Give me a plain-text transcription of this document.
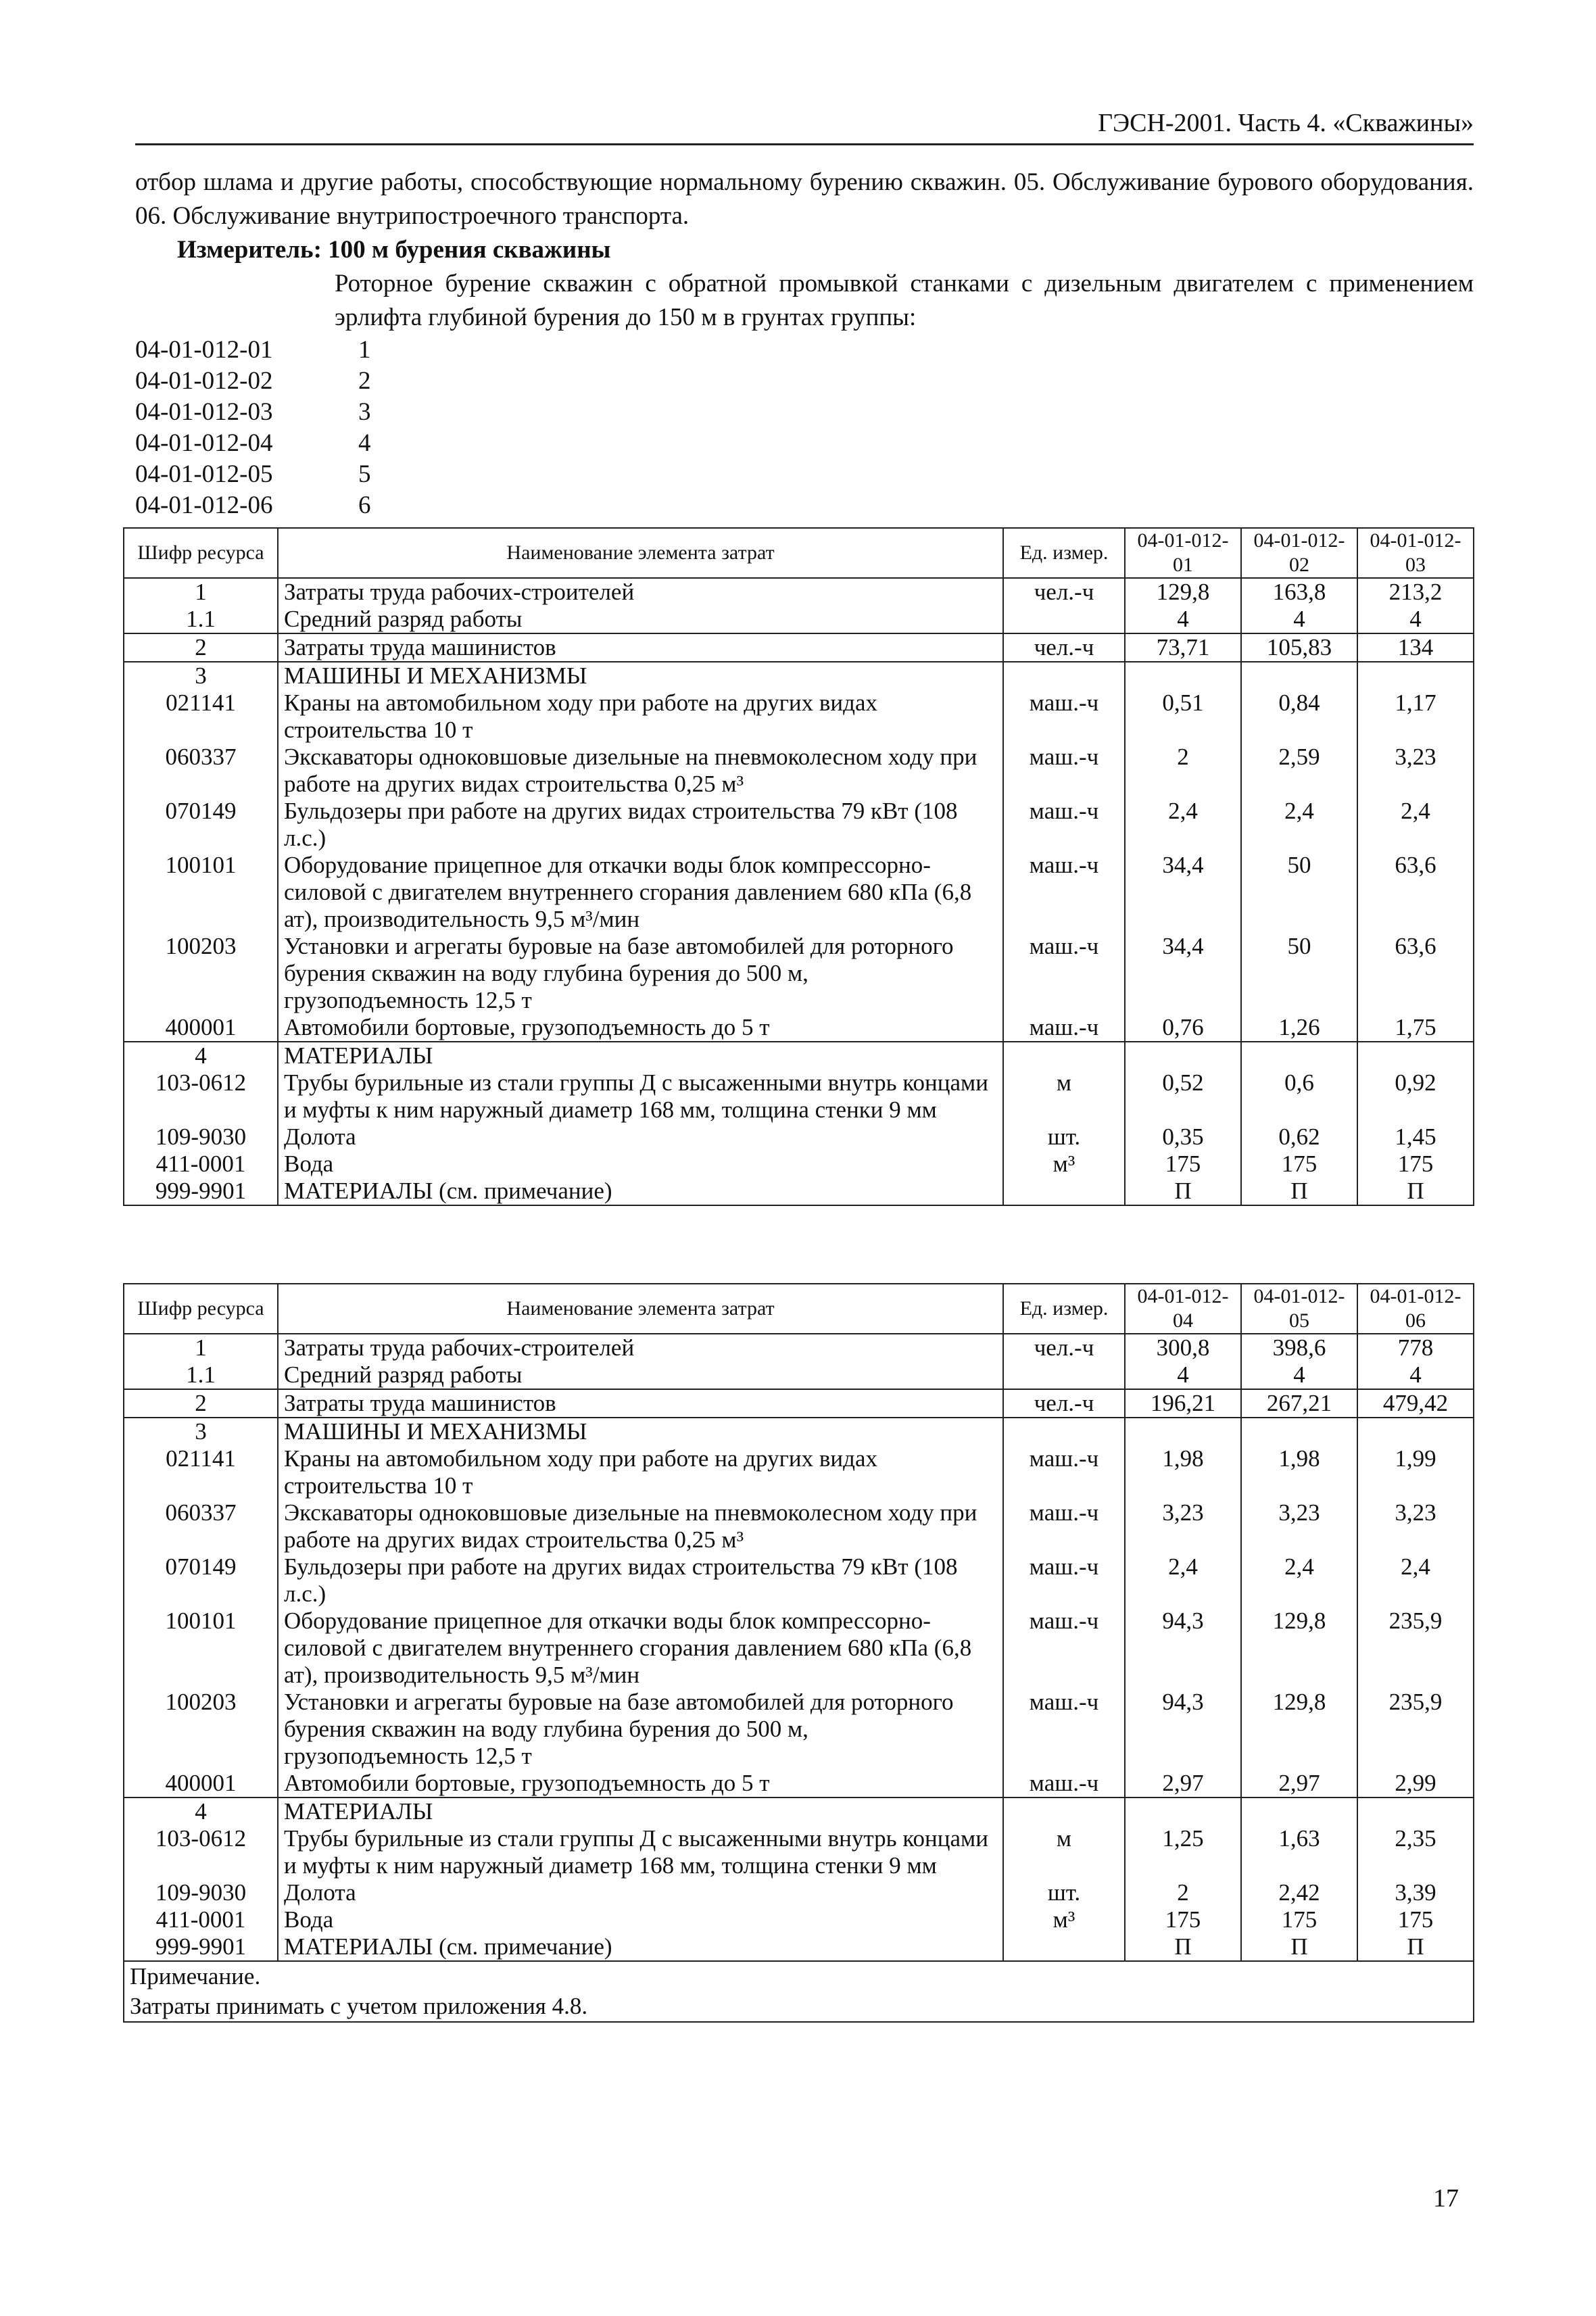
ГЭСН-2001. Часть 4. «Скважины»
отбор шлама и другие работы, способствующие нормальному бурению скважин. 05. Обслуживание бурового оборудования. 06. Обслуживание внутрипостроечного транспорта.
Измеритель: 100 м бурения скважины
Роторное бурение скважин с обратной промывкой станками с дизельным двигателем с применением эрлифта глубиной бурения до 150 м в грунтах группы:
04-01-012-01	1
04-01-012-02	2
04-01-012-03	3
04-01-012-04	4
04-01-012-05	5
04-01-012-06	6
Шифр ресурса	Наименование элемента затрат	Ед. измер.	04-01-012-01	04-01-012-02	04-01-012-03
1	Затраты труда рабочих-строителей	чел.-ч	129,8	163,8	213,2
1.1	Средний разряд работы		4	4	4
2	Затраты труда машинистов	чел.-ч	73,71	105,83	134
3	МАШИНЫ И МЕХАНИЗМЫ				
021141	Краны на автомобильном ходу при работе на других видах строительства 10 т	маш.-ч	0,51	0,84	1,17
060337	Экскаваторы одноковшовые дизельные на пневмоколесном ходу при работе на других видах строительства 0,25 м³	маш.-ч	2	2,59	3,23
070149	Бульдозеры при работе на других видах строительства 79 кВт (108 л.с.)	маш.-ч	2,4	2,4	2,4
100101	Оборудование прицепное для откачки воды блок компрессорно-силовой с двигателем внутреннего сгорания давлением 680 кПа (6,8 ат), производительность 9,5 м³/мин	маш.-ч	34,4	50	63,6
100203	Установки и агрегаты буровые на базе автомобилей для роторного бурения скважин на воду глубина бурения до 500 м, грузоподъемность 12,5 т	маш.-ч	34,4	50	63,6
400001	Автомобили бортовые, грузоподъемность до 5 т	маш.-ч	0,76	1,26	1,75
4	МАТЕРИАЛЫ				
103-0612	Трубы бурильные из стали группы Д с высаженными внутрь концами и муфты к ним наружный диаметр 168 мм, толщина стенки 9 мм	м	0,52	0,6	0,92
109-9030	Долота	шт.	0,35	0,62	1,45
411-0001	Вода	м³	175	175	175
999-9901	МАТЕРИАЛЫ (см. примечание)		П	П	П
Шифр ресурса	Наименование элемента затрат	Ед. измер.	04-01-012-04	04-01-012-05	04-01-012-06
1	Затраты труда рабочих-строителей	чел.-ч	300,8	398,6	778
1.1	Средний разряд работы		4	4	4
2	Затраты труда машинистов	чел.-ч	196,21	267,21	479,42
3	МАШИНЫ И МЕХАНИЗМЫ				
021141	Краны на автомобильном ходу при работе на других видах строительства 10 т	маш.-ч	1,98	1,98	1,99
060337	Экскаваторы одноковшовые дизельные на пневмоколесном ходу при работе на других видах строительства 0,25 м³	маш.-ч	3,23	3,23	3,23
070149	Бульдозеры при работе на других видах строительства 79 кВт (108 л.с.)	маш.-ч	2,4	2,4	2,4
100101	Оборудование прицепное для откачки воды блок компрессорно-силовой с двигателем внутреннего сгорания давлением 680 кПа (6,8 ат), производительность 9,5 м³/мин	маш.-ч	94,3	129,8	235,9
100203	Установки и агрегаты буровые на базе автомобилей для роторного бурения скважин на воду глубина бурения до 500 м, грузоподъемность 12,5 т	маш.-ч	94,3	129,8	235,9
400001	Автомобили бортовые, грузоподъемность до 5 т	маш.-ч	2,97	2,97	2,99
4	МАТЕРИАЛЫ				
103-0612	Трубы бурильные из стали группы Д с высаженными внутрь концами и муфты к ним наружный диаметр 168 мм, толщина стенки 9 мм	м	1,25	1,63	2,35
109-9030	Долота	шт.	2	2,42	3,39
411-0001	Вода	м³	175	175	175
999-9901	МАТЕРИАЛЫ (см. примечание)		П	П	П

Примечание.
Затраты принимать с учетом приложения 4.8.					
17
